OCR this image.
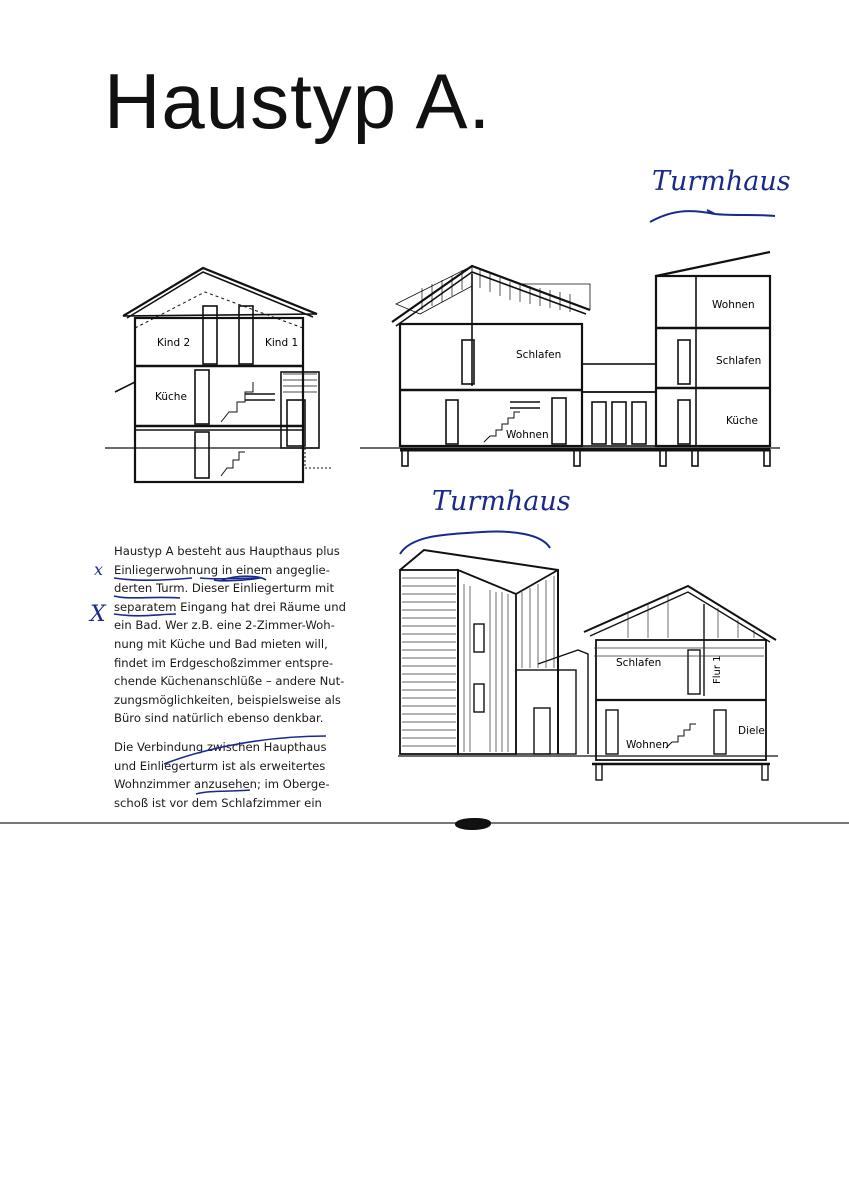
Haustyp A.
Turmhaus
Turmhaus
Kind 2	Kind 1
Küche
Schlafen
Wohnen
Wohnen
Schlafen
Küche
Schlafen	Flur 1
Wohnen
Diele
x
X

Haustyp A besteht aus Haupthaus plus
Einliegerwohnung in einem angeglie-
derten Turm. Dieser Einliegerturm mit
separatem Eingang hat drei Räume und
ein Bad. Wer z.B. eine 2-Zimmer-Woh-
nung mit Küche und Bad mieten will,
findet im Erdgeschoßzimmer entspre-
chende Küchenanschlüße – andere Nut-
zungsmöglichkeiten, beispielsweise als
Büro sind natürlich ebenso denkbar.

Die Verbindung zwischen Haupthaus
und Einliegerturm ist als erweitertes
Wohnzimmer anzusehen; im Oberge-
schoß ist vor dem Schlafzimmer ein
